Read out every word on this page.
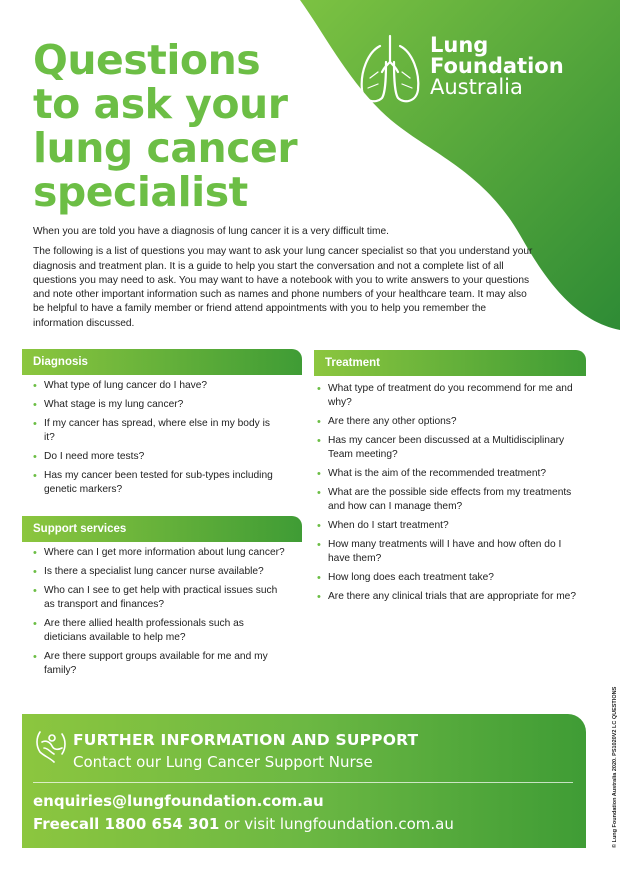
Questions
to ask your
lung cancer
specialist
Lung
Foundation
Australia

When you are told you have a diagnosis of lung cancer it is a very difficult time.

The following is a list of questions you may want to ask your lung cancer specialist so that you understand your diagnosis and treatment plan. It is a guide to help you start the conversation and not a complete list of all questions you may need to ask. You may want to have a notebook with you to write answers to your questions and note other important information such as names and phone numbers of your healthcare team. It may also be helpful to have a family member or friend attend appointments with you to help you remember the information discussed.

Diagnosis
• What type of lung cancer do I have?
• What stage is my lung cancer?
• If my cancer has spread, where else in my body is it?
• Do I need more tests?
• Has my cancer been tested for sub-types including genetic markers?
Support services
• Where can I get more information about lung cancer?
• Is there a specialist lung cancer nurse available?
• Who can I see to get help with practical issues such as transport and finances?
• Are there allied health professionals such as dieticians available to help me?
• Are there support groups available for me and my family?
Treatment
• What type of treatment do you recommend for me and why?
• Are there any other options?
• Has my cancer been discussed at a Multidisciplinary Team meeting?
• What is the aim of the recommended treatment?
• What are the possible side effects from my treatments and how can I manage them?
• When do I start treatment?
• How many treatments will I have and how often do I have them?
• How long does each treatment take?
• Are there any clinical trials that are appropriate for me?
FURTHER INFORMATION AND SUPPORT
Contact our Lung Cancer Support Nurse
enquiries@lungfoundation.com.au
Freecall 1800 654 301 or visit lungfoundation.com.au	© Lung Foundation Australia 2020. PS1020V2 LC QUESTIONS
